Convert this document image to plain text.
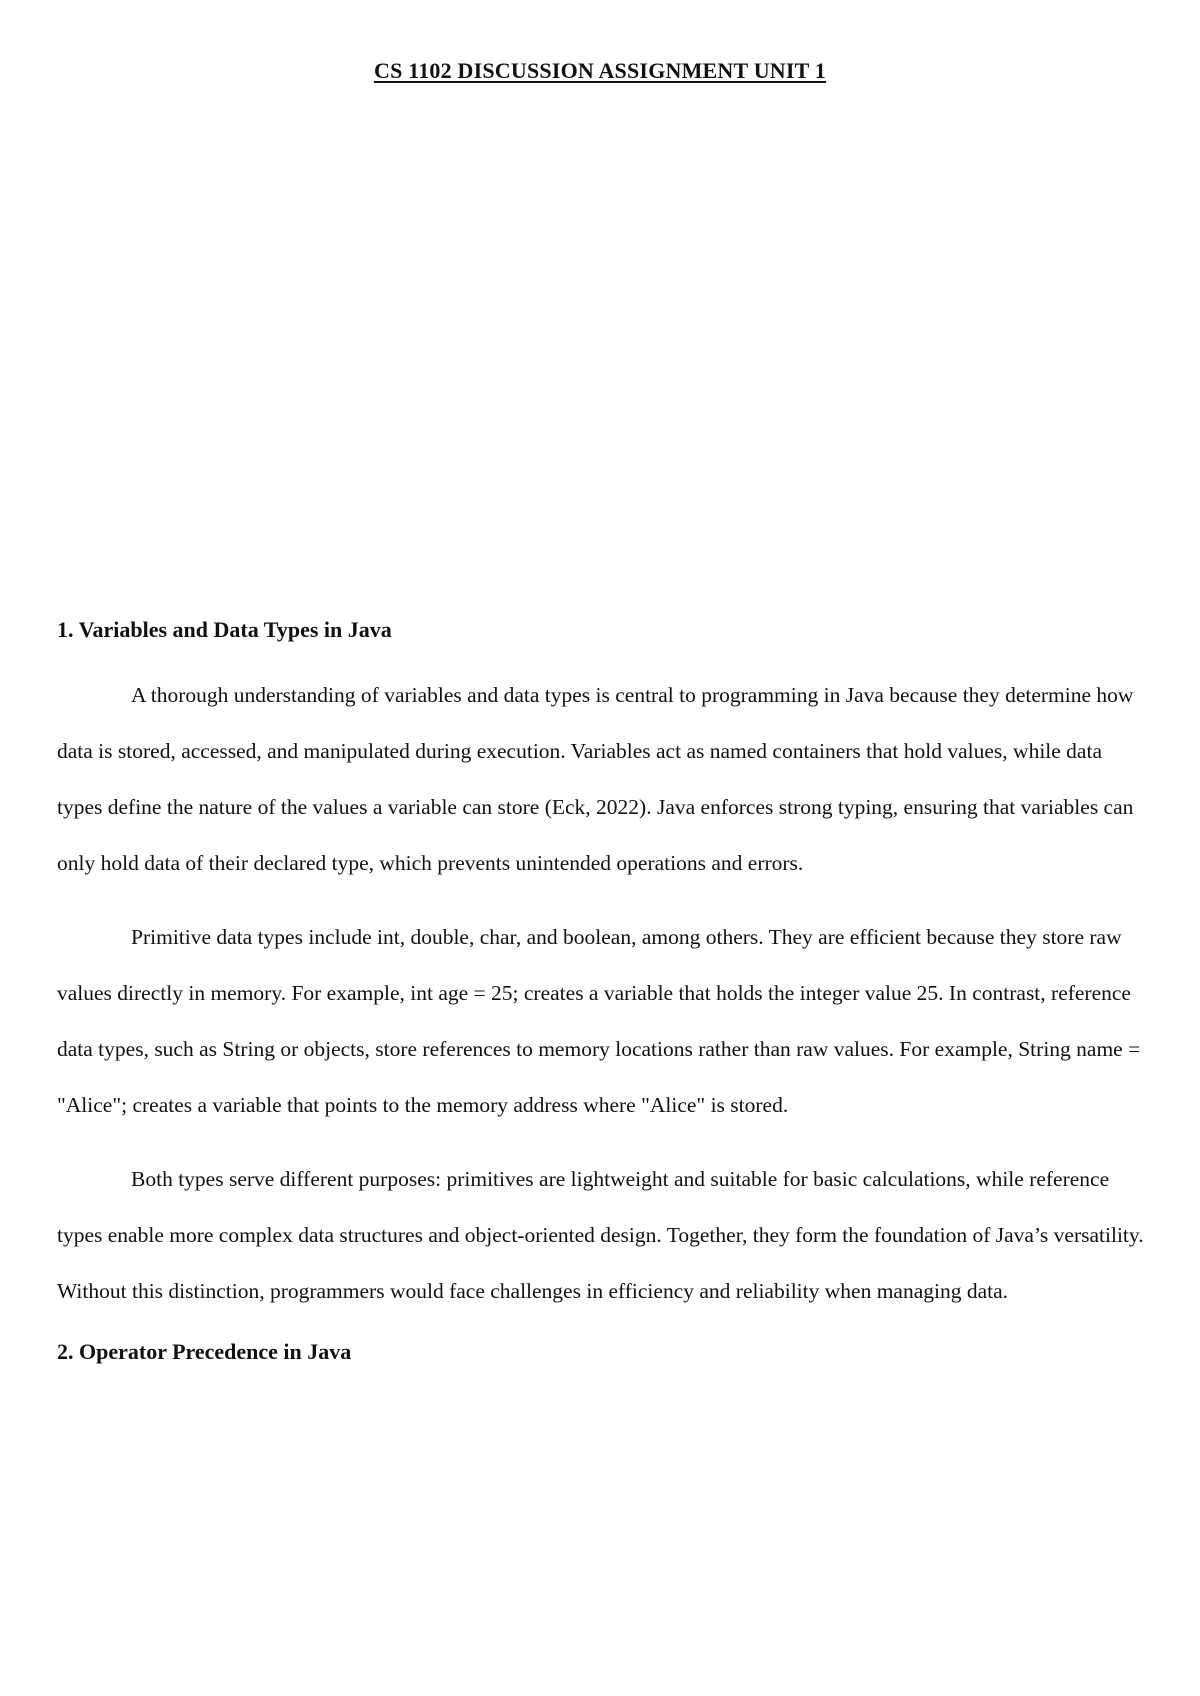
CS 1102 DISCUSSION ASSIGNMENT UNIT 1
1. Variables and Data Types in Java

A thorough understanding of variables and data types is central to programming in Java because they determine how data is stored, accessed, and manipulated during execution. Variables act as named containers that hold values, while data types define the nature of the values a variable can store (Eck, 2022). Java enforces strong typing, ensuring that variables can only hold data of their declared type, which prevents unintended operations and errors.

Primitive data types include int, double, char, and boolean, among others. They are efficient because they store raw values directly in memory. For example, int age = 25; creates a variable that holds the integer value 25. In contrast, reference data types, such as String or objects, store references to memory locations rather than raw values. For example, String name = "Alice"; creates a variable that points to the memory address where "Alice" is stored.

Both types serve different purposes: primitives are lightweight and suitable for basic calculations, while reference types enable more complex data structures and object-oriented design. Together, they form the foundation of Java’s versatility. Without this distinction, programmers would face challenges in efficiency and reliability when managing data.

2. Operator Precedence in Java
